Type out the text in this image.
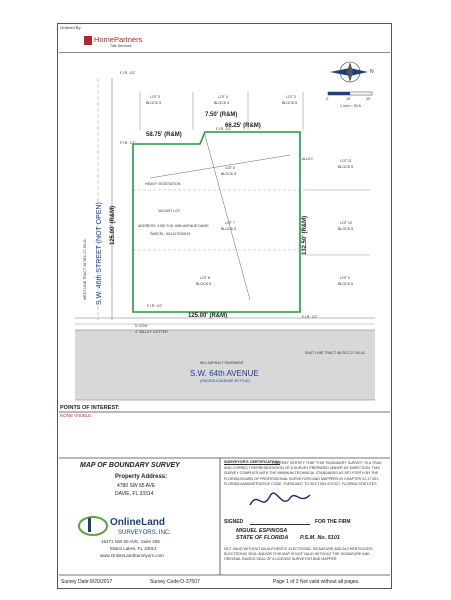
Ordered By:
HomePartners
Title Services
0'	15'	30'
1 inch = 30 ft.
N
F.I.R. 1/2"
F.I.R. 1/2"
F.I.R. 1/2"
F.I.R. 1/2"
F.I.R. 1/2"
LOT 5
BLOCK 5
LOT 4
BLOCK 5
LOT 3
BLOCK 5
7.50' (R&M)
66.25' (R&M)
58.75' (R&M)
125.00' (R&M)	132.50' (R&M)
125.00' (R&M)
LOT 11
BLOCK 5
LOT 10
BLOCK 5
LOT 9
BLOCK 5
LOT 6
BLOCK 5
LOT 7
BLOCK 5
LOT 8
BLOCK 5
HEAVY VEGETATION
VACANT LOT
ADDRESS: 4780 S.W. 65th AVENUE DAVIE
PARCEL: 504127030810
ALLEY
S.W. 46th STREET (NOT OPEN)
WEST LINE TRACT 48 SEC.27-50-41
5' CGW
4' VALLEY GUTTER
EAST LINE TRACT 48 SEC.27-50-41
56'± ASPHALT PAVEMENT
S.W. 64th AVENUE
(OSCEOLA AVENUE BY PLAT)
POINTS OF INTEREST:
NONE VISIBLE.
MAP OF BOUNDARY SURVEY
Property Address:
4780 SW 65 AVE
DAVIE, FL 33314
OnlineLand
SURVEYORS, INC.
15271 NW 60 AVE, Suite 206
Miami Lakes, FL 33014
www.OnlineLandSurveyors.com
SURVEYOR'S CERTIFICATION:
I HEREBY CERTIFY THAT THIS "BOUNDARY SURVEY" IS A TRUE AND CORRECT REPRESENTATION OF A SURVEY PREPARED UNDER MY DIRECTION. THIS SURVEY COMPLIES WITH THE MINIMUM TECHNICAL STANDARDS AS SET FORTH BY THE FLORIDA BOARD OF PROFESSIONAL SURVEYORS AND MAPPERS IN CHAPTER 5J-17.051, FLORIDA ADMINISTRATIVE CODE, PURSUANT TO SECTION 472.027, FLORIDA STATUTES.
SIGNED	FOR THE FIRM
MIGUEL ESPINOSA
STATE OF FLORIDA P.S.M. No. 5101
NOT VALID WITHOUT AN AUTHENTIC ELECTRONIC SIGNATURE AND AUTHENTICATED ELECTRONIC SEAL AND/OR THIS MAP IS NOT VALID WITHOUT THE SIGNATURE AND ORIGINAL RAISED SEAL OF A LICENSE SURVEYOR AND MAPPER.
Survey Date:9/20/2017	Survey Code:O-37507	Page 1 of 3 Not valid without all pages.
